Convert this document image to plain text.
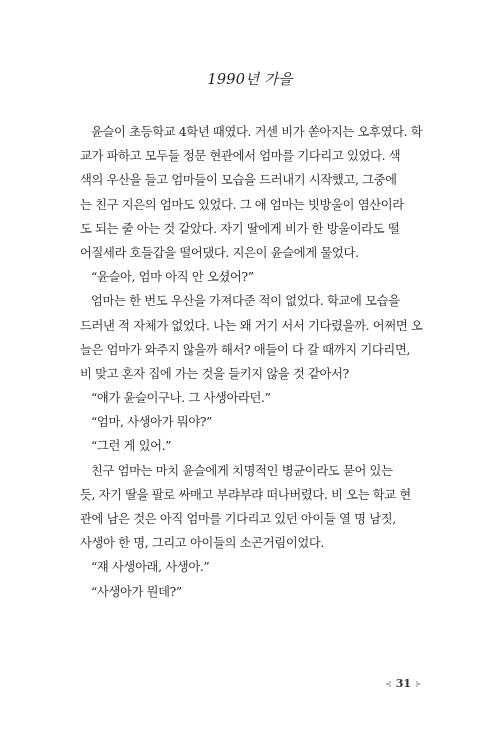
1990년 가을
윤슬이 초등학교 4학년 때였다. 거센 비가 쏟아지는 오후였다. 학
교가 파하고 모두들 정문 현관에서 엄마를 기다리고 있었다. 색
색의 우산을 들고 엄마들이 모습을 드러내기 시작했고, 그중에
는 친구 지은의 엄마도 있었다. 그 애 엄마는 빗방울이 염산이라
도 되는 줄 아는 것 같았다. 자기 딸에게 비가 한 방울이라도 떨
어질세라 호들갑을 떨어댔다. 지은이 윤슬에게 물었다.
“윤슬아, 엄마 아직 안 오셨어?”
엄마는 한 번도 우산을 가져다준 적이 없었다. 학교에 모습을
드러낸 적 자체가 없었다. 나는 왜 거기 서서 기다렸을까. 어쩌면 오
늘은 엄마가 와주지 않을까 해서? 애들이 다 갈 때까지 기다리면,
비 맞고 혼자 집에 가는 것을 들키지 않을 것 같아서?
“얘가 윤슬이구나. 그 사생아라던.”
“엄마, 사생아가 뭐야?”
“그런 게 있어.”
친구 엄마는 마치 윤슬에게 치명적인 병균이라도 묻어 있는
듯, 자기 딸을 팔로 싸매고 부랴부랴 떠나버렸다. 비 오는 학교 현
관에 남은 것은 아직 엄마를 기다리고 있던 아이들 열 명 남짓,
사생아 한 명, 그리고 아이들의 소곤거림이었다.
“쟤 사생아래, 사생아.”
“사생아가 뭔데?”
⊰ 31 ⊱
